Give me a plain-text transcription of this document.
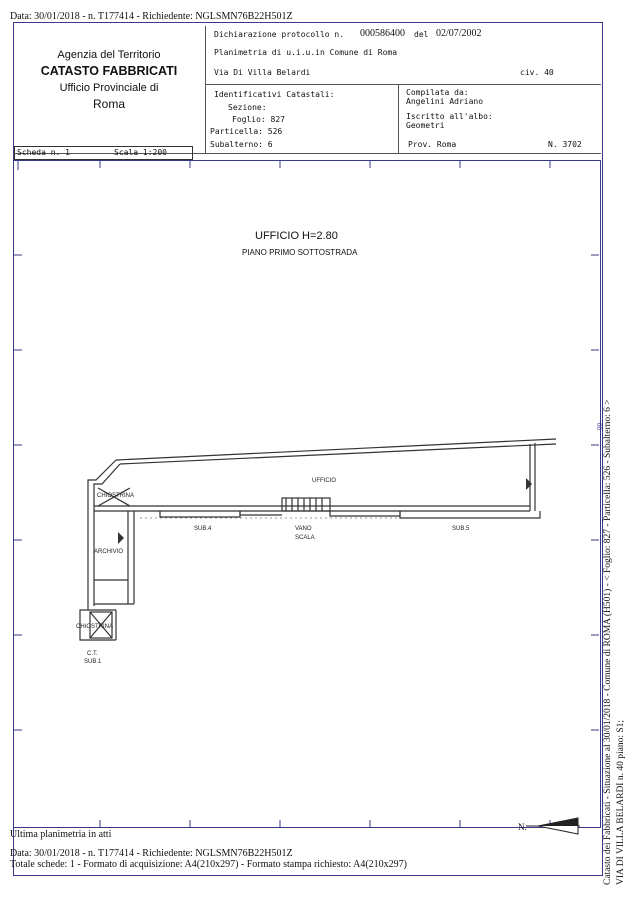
Data: 30/01/2018 - n. T177414 - Richiedente: NGLSMN76B22H501Z
Agenzia del Territorio
CATASTO FABBRICATI
Ufficio Provinciale di
Roma
Dichiarazione protocollo n. 000586400 del 02/07/2002
Planimetria di u.i.u.in Comune di Roma
Via Di Villa Belardi	civ. 40
Identificativi Catastali:
Sezione:
Foglio: 827
Particella: 526
Subalterno: 6
Compilata da:
Angelini Adriano
Iscritto all'albo:
Geometri
Prov. Roma	N. 3702
Scheda n. 1	Scala 1:200
UFFICIO
CHIOSTRINA
ARCHIVIO
CHIOSTRINA
C.T.
SUB.1
SUB.4	VANO
SCALA
SUB.5
UFFICIO H=2.80
PIANO PRIMO SOTTOSTRADA
N.	Catasto dei Fabbricati - Situazione al 30/01/2018 - Comune di ROMA (H501) - < Foglio: 827 - Particella: 526 - Subalterno: 6 > VIA DI VILLA BELARDI n. 40 piano: S1;
00
Ultima planimetria in atti
Data: 30/01/2018 - n. T177414 - Richiedente: NGLSMN76B22H501Z
Totale schede: 1 - Formato di acquisizione: A4(210x297) - Formato stampa richiesto: A4(210x297)
